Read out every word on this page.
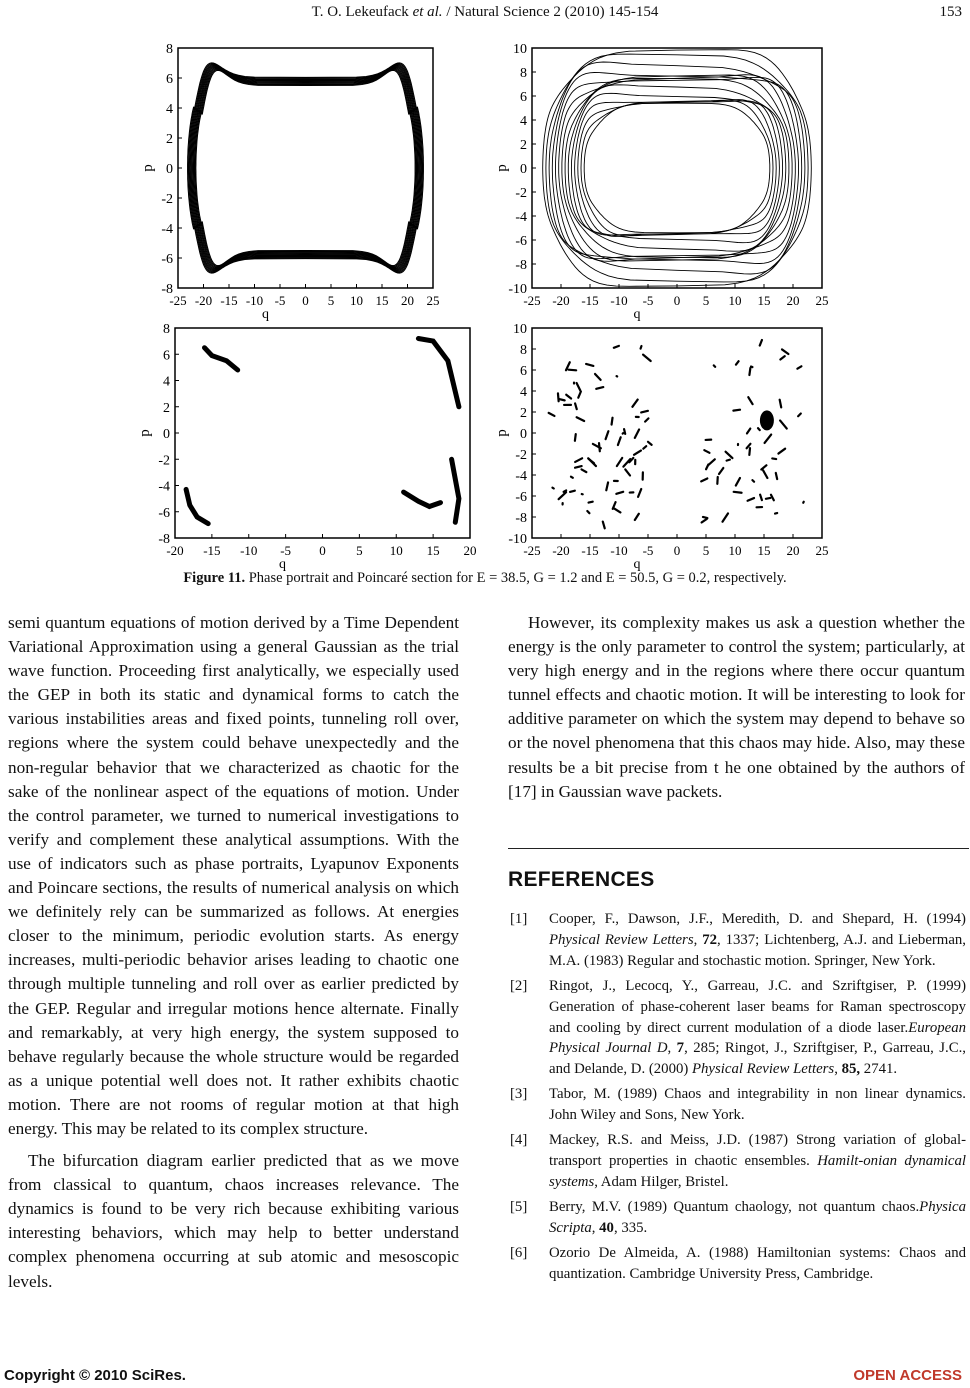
T. O. Lekeufack et al. / Natural Science 2 (2010) 145-154	153
8
6
4
2
0
-2
-4
-6
-8
-25 -20 -15 -10 -5 0 5 10 15 20 25
p
q
10
8
6
4
2
0
-2
-4
-6
-8
-10
-25 -20 -15 -10 -5 0 5 10 15 20 25
p
q
8
6
4
2
0
-2
-4
-6
-8
-20 -15 -10 -5 0 5 10 15 20
p
q
10
8
6
4
2
0
-2
-4
-6
-8
-10
-25 -20 -15 -10 -5 0 5 10 15 20 25
p
q
Figure 11. Phase portrait and Poincaré section for E = 38.5, G = 1.2 and E = 50.5, G = 0.2, respectively.

semi quantum equations of motion derived by a Time Dependent Variational Approximation using a general Gaussian as the trial wave function. Proceeding first analytically, we especially used the GEP in both its static and dynamical forms to catch the various instabilities areas and fixed points, tunneling roll over, regions where the system could behave unexpectedly and the non-regular behavior that we characterized as chaotic for the sake of the nonlinear aspect of the equations of motion. Under the control parameter, we turned to numerical investigations to verify and complement these analytical assumptions. With the use of indicators such as phase portraits, Lyapunov Exponents and Poincare sections, the results of numerical analysis on which we definitely rely can be summarized as follows. At energies closer to the minimum, periodic evolution starts. As energy increases, multi-periodic behavior arises leading to chaotic one through multiple tunneling and roll over as earlier predicted by the GEP. Regular and irregular motions hence alternate. Finally and remarkably, at very high energy, the system supposed to behave regularly because the whole structure would be regarded as a unique potential well does not. It rather exhibits chaotic motion. There are not rooms of regular motion at that high energy. This may be related to its complex structure.

The bifurcation diagram earlier predicted that as we move from classical to quantum, chaos increases relevance. The dynamics is found to be very rich because exhibiting various interesting behaviors, which may help to better understand complex phenomena occurring at sub atomic and mesoscopic levels.

However, its complexity makes us ask a question whether the energy is the only parameter to control the system; particularly, at very high energy and in the regions where there occur quantum tunnel effects and chaotic motion. It will be interesting to look for additive parameter on which the system may depend to behave so or the novel phenomena that this chaos may hide. Also, may these results be a bit precise from t he one obtained by the authors of [17] in Gaussian wave packets.

REFERENCES
[1] Cooper, F., Dawson, J.F., Meredith, D. and Shepard, H. (1994) Physical Review Letters, 72, 1337; Lichtenberg, A.J. and Lieberman, M.A. (1983) Regular and stochastic motion. Springer, New York.
[2] Ringot, J., Lecocq, Y., Garreau, J.C. and Szriftgiser, P. (1999) Generation of phase-coherent laser beams for Raman spectroscopy and cooling by direct current modulation of a diode laser.European Physical Journal D, 7, 285; Ringot, J., Szriftgiser, P., Garreau, J.C., and Delande, D. (2000) Physical Review Letters, 85, 2741.
[3] Tabor, M. (1989) Chaos and integrability in non linear dynamics. John Wiley and Sons, New York.
[4] Mackey, R.S. and Meiss, J.D. (1987) Strong variation of global-transport properties in chaotic ensembles. Hamilt-onian dynamical systems, Adam Hilger, Bristel.
[5] Berry, M.V. (1989) Quantum chaology, not quantum chaos.Physica Scripta, 40, 335.
[6] Ozorio De Almeida, A. (1988) Hamiltonian systems: Chaos and quantization. Cambridge University Press, Cambridge.
Copyright © 2010 SciRes.	OPEN ACCESS
